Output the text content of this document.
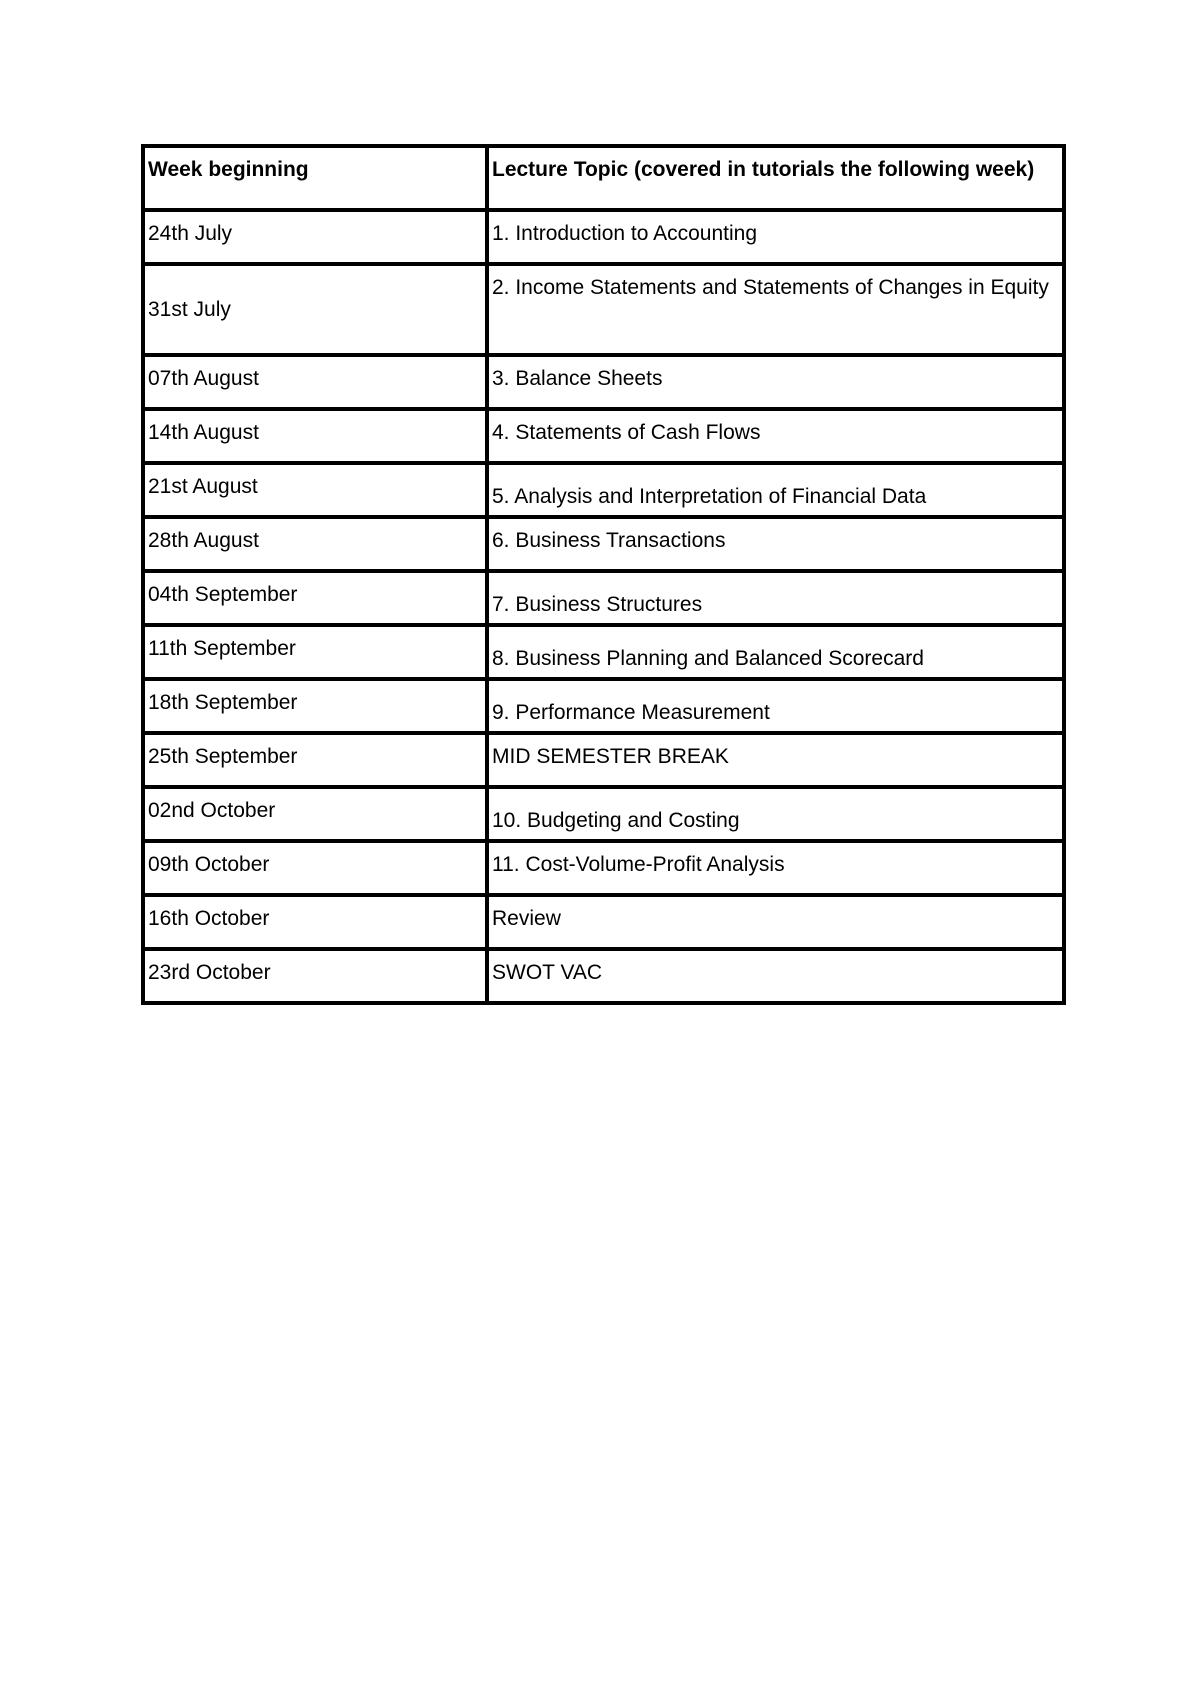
Week beginning	Lecture Topic (covered in tutorials the following week)
24th July	1. Introduction to Accounting
31st July	2. Income Statements and Statements of Changes in Equity
07th August	3. Balance Sheets
14th August	4. Statements of Cash Flows
21st August	5. Analysis and Interpretation of Financial Data
28th August	6. Business Transactions
04th September	7. Business Structures
11th September	8. Business Planning and Balanced Scorecard
18th September	9. Performance Measurement
25th September	MID SEMESTER BREAK
02nd October	10. Budgeting and Costing
09th October	11. Cost-Volume-Profit Analysis
16th October	Review
23rd October	SWOT VAC
